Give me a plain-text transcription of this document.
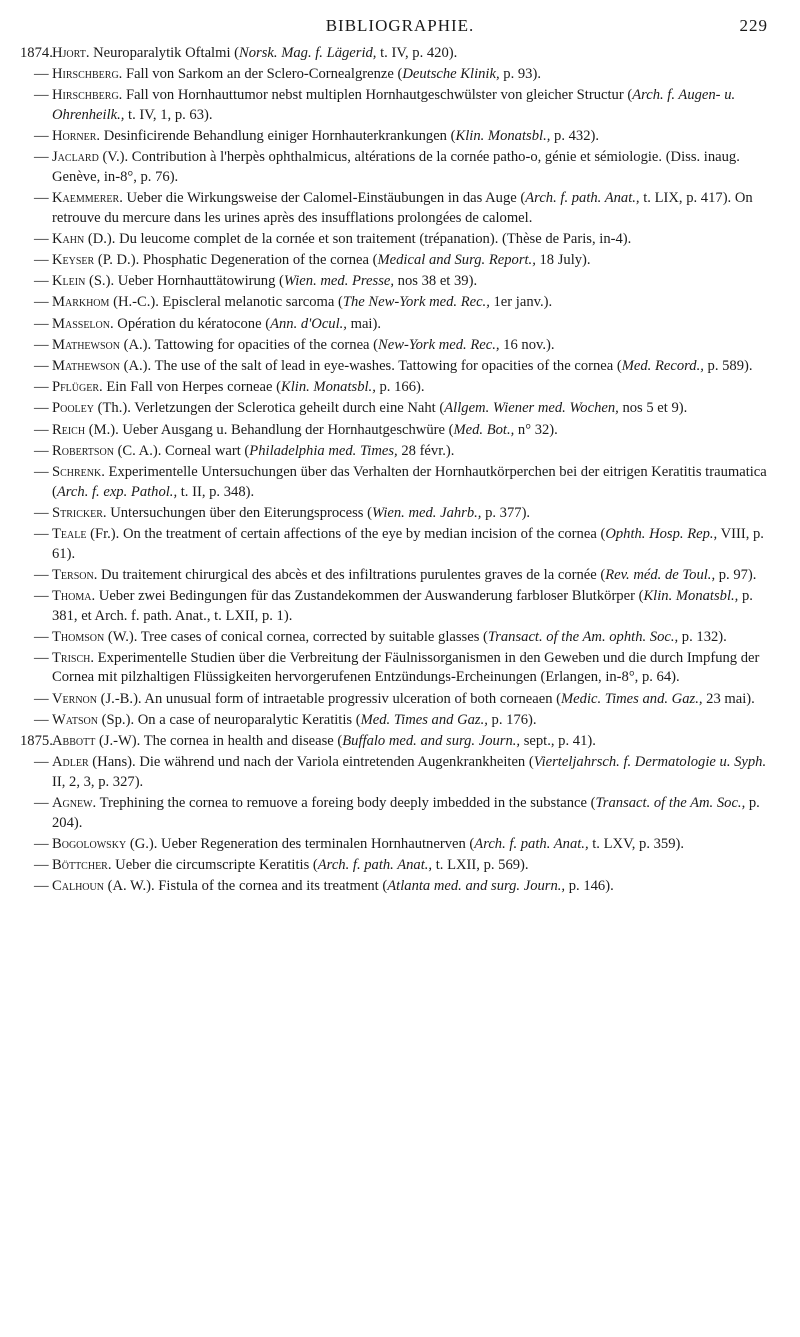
BIBLIOGRAPHIE.	229
1874. Hjort. Neuroparalytik Oftalmi (Norsk. Mag. f. Lägerid, t. IV, p. 420).
— Hirschberg. Fall von Sarkom an der Sclero-Cornealgrenze (Deutsche Klinik, p. 93).
— Hirschberg. Fall von Hornhauttumor nebst multiplen Hornhautgeschwülster von gleicher Structur (Arch. f. Augen- u. Ohrenheilk., t. IV, 1, p. 63).
— Horner. Desinficirende Behandlung einiger Hornhauterkrankungen (Klin. Monatsbl., p. 432).
— Jaclard (V.). Contribution à l'herpès ophthalmicus, altérations de la cornée patho-o, génie et sémiologie. (Diss. inaug. Genève, in-8°, p. 76).
— Kaemmerer. Ueber die Wirkungsweise der Calomel-Einstäubungen in das Auge (Arch. f. path. Anat., t. LIX, p. 417). On retrouve du mercure dans les urines après des insufflations prolongées de calomel.
— Kahn (D.). Du leucome complet de la cornée et son traitement (trépanation). (Thèse de Paris, in-4).
— Keyser (P. D.). Phosphatic Degeneration of the cornea (Medical and Surg. Report., 18 July).
— Klein (S.). Ueber Hornhauttätowirung (Wien. med. Presse, nos 38 et 39).
— Markhom (H.-C.). Episcleral melanotic sarcoma (The New-York med. Rec., 1er janv.).
— Masselon. Opération du kératocone (Ann. d'Ocul., mai).
— Mathewson (A.). Tattowing for opacities of the cornea (New-York med. Rec., 16 nov.).
— Mathewson (A.). The use of the salt of lead in eye-washes. Tattowing for opacities of the cornea (Med. Record., p. 589).
— Pflüger. Ein Fall von Herpes corneae (Klin. Monatsbl., p. 166).
— Pooley (Th.). Verletzungen der Sclerotica geheilt durch eine Naht (Allgem. Wiener med. Wochen, nos 5 et 9).
— Reich (M.). Ueber Ausgang u. Behandlung der Hornhautgeschwüre (Med. Bot., n° 32).
— Robertson (C. A.). Corneal wart (Philadelphia med. Times, 28 févr.).
— Schrenk. Experimentelle Untersuchungen über das Verhalten der Hornhautkörperchen bei der eitrigen Keratitis traumatica (Arch. f. exp. Pathol., t. II, p. 348).
— Stricker. Untersuchungen über den Eiterungsprocess (Wien. med. Jahrb., p. 377).
— Teale (Fr.). On the treatment of certain affections of the eye by median incision of the cornea (Ophth. Hosp. Rep., VIII, p. 61).
— Terson. Du traitement chirurgical des abcès et des infiltrations purulentes graves de la cornée (Rev. méd. de Toul., p. 97).
— Thoma. Ueber zwei Bedingungen für das Zustandekommen der Auswanderung farbloser Blutkörper (Klin. Monatsbl., p. 381, et Arch. f. path. Anat., t. LXII, p. 1).
— Thomson (W.). Tree cases of conical cornea, corrected by suitable glasses (Transact. of the Am. ophth. Soc., p. 132).
— Trisch. Experimentelle Studien über die Verbreitung der Fäulnissorganismen in den Geweben und die durch Impfung der Cornea mit pilzhaltigen Flüssigkeiten hervorgerufenen Entzündungs-Ercheinungen (Erlangen, in-8°, p. 64).
— Vernon (J.-B.). An unusual form of intraetable progressiv ulceration of both corneaen (Medic. Times and. Gaz., 23 mai).
— Watson (Sp.). On a case of neuroparalytic Keratitis (Med. Times and Gaz., p. 176).
1875. Abbott (J.-W). The cornea in health and disease (Buffalo med. and surg. Journ., sept., p. 41).
— Adler (Hans). Die während und nach der Variola eintretenden Augenkrankheiten (Vierteljahrsch. f. Dermatologie u. Syph. II, 2, 3, p. 327).
— Agnew. Trephining the cornea to remuove a foreing body deeply imbedded in the substance (Transact. of the Am. Soc., p. 204).
— Bogolowsky (G.). Ueber Regeneration des terminalen Hornhautnerven (Arch. f. path. Anat., t. LXV, p. 359).
— Böttcher. Ueber die circumscripte Keratitis (Arch. f. path. Anat., t. LXII, p. 569).
— Calhoun (A. W.). Fistula of the cornea and its treatment (Atlanta med. and surg. Journ., p. 146).
